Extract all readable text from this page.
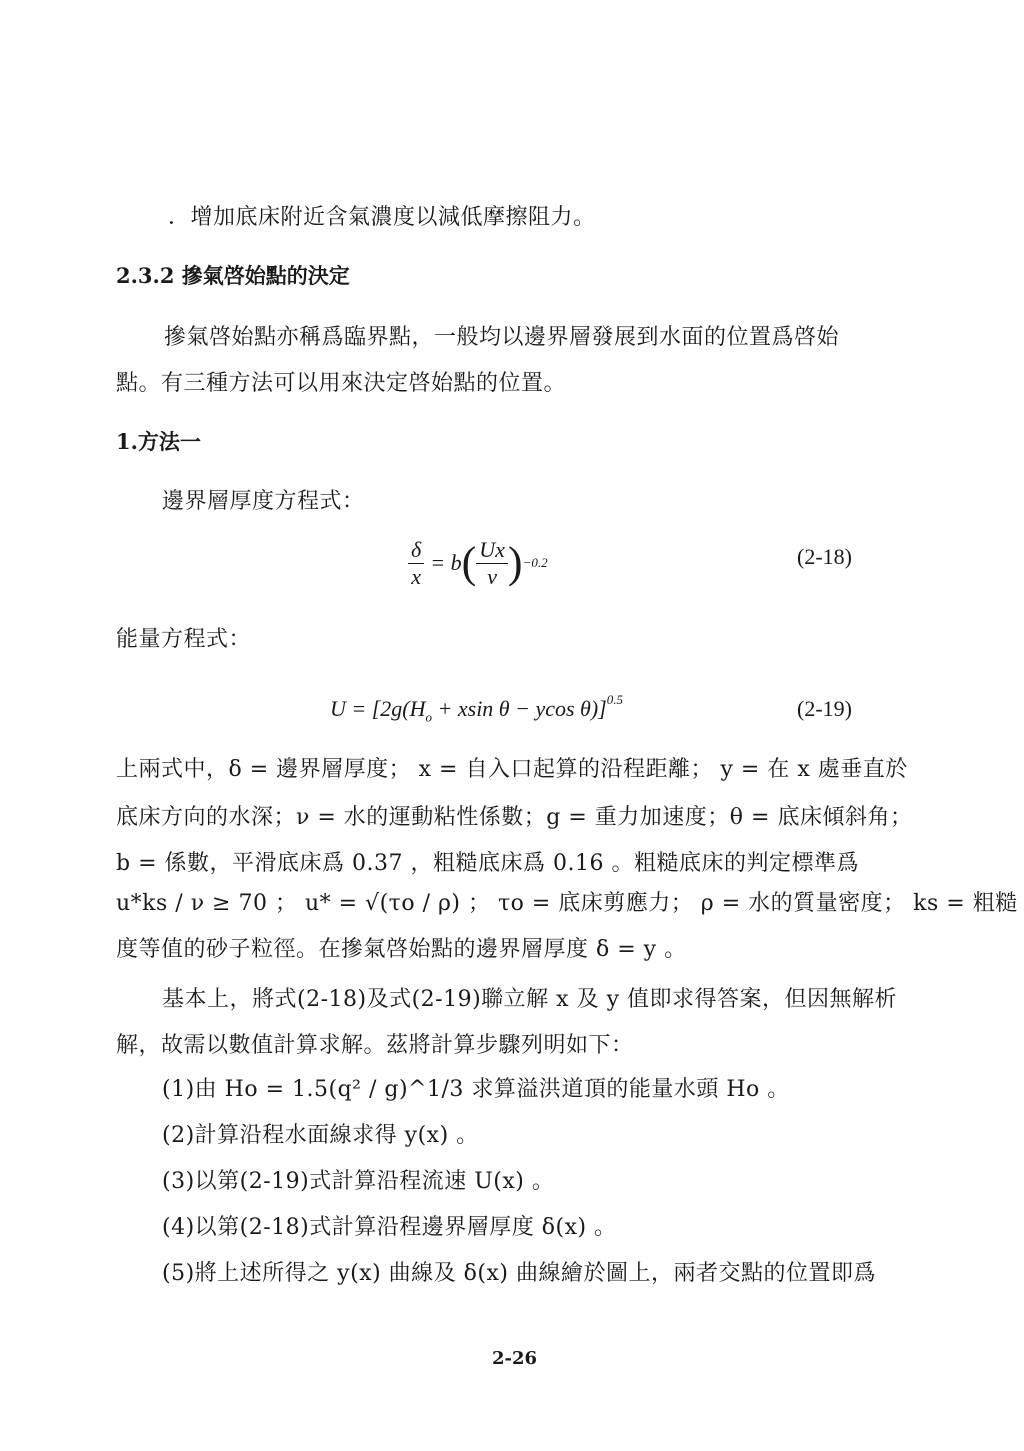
．增加底床附近含氣濃度以減低摩擦阻力。
2.3.2 摻氣啓始點的決定
摻氣啓始點亦稱爲臨界點，一般均以邊界層發展到水面的位置爲啓始
點。有三種方法可以用來決定啓始點的位置。
1.方法一
邊界層厚度方程式：
$\frac{\delta}{x} = b$ ( $\frac{Ux}{\nu}$ ) −0.2	(2-18)
能量方程式：
$U = [2g(H_o + xsin$ θ − ycos θ)]$^{0.5}$	(2-19)
上兩式中，δ = 邊界層厚度； x = 自入口起算的沿程距離； y = 在 x 處垂直於
底床方向的水深；ν = 水的運動粘性係數；g = 重力加速度；θ = 底床傾斜角；
b = 係數，平滑底床爲 0.37 ，粗糙底床爲 0.16 。粗糙底床的判定標準爲
u*ks / ν ≥ 70 ； u* = √(τo / ρ) ； τo = 底床剪應力； ρ = 水的質量密度； ks = 粗糙
度等值的砂子粒徑。在摻氣啓始點的邊界層厚度 δ = y 。
基本上，將式(2-18)及式(2-19)聯立解 x 及 y 值即求得答案，但因無解析
解，故需以數值計算求解。茲將計算步驟列明如下：
(1)由 Ho = 1.5(q² / g)^1/3 求算溢洪道頂的能量水頭 Ho 。
(2)計算沿程水面線求得 y(x) 。
(3)以第(2-19)式計算沿程流速 U(x) 。
(4)以第(2-18)式計算沿程邊界層厚度 δ(x) 。
(5)將上述所得之 y(x) 曲線及 δ(x) 曲線繪於圖上，兩者交點的位置即爲
2-26
